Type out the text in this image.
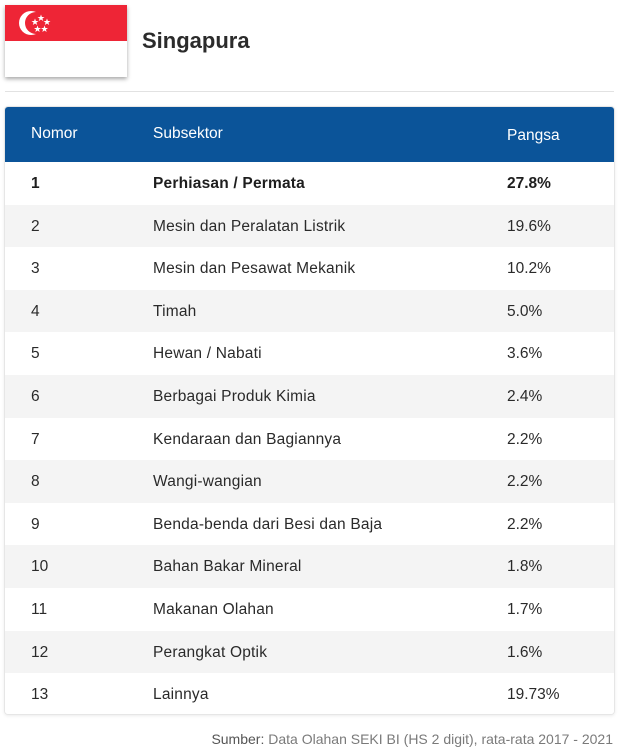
Singapura
Nomor	Subsektor	Pangsa
1	Perhiasan / Permata	27.8%
2	Mesin dan Peralatan Listrik	19.6%
3	Mesin dan Pesawat Mekanik	10.2%
4	Timah	5.0%
5	Hewan / Nabati	3.6%
6	Berbagai Produk Kimia	2.4%
7	Kendaraan dan Bagiannya	2.2%
8	Wangi-wangian	2.2%
9	Benda-benda dari Besi dan Baja	2.2%
10	Bahan Bakar Mineral	1.8%
11	Makanan Olahan	1.7%
12	Perangkat Optik	1.6%
13	Lainnya	19.73%
Sumber: Data Olahan SEKI BI (HS 2 digit), rata-rata 2017 - 2021
